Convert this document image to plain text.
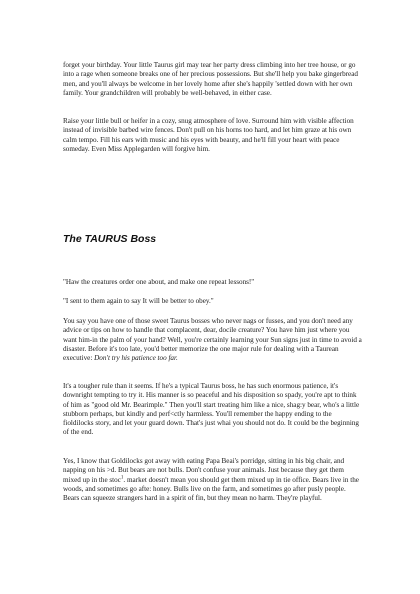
forget your birthday. Your little Taurus girl may tear her party dress climbing into her tree house, or go into a rage when someone breaks one of her precious possessions. But she'll help you bake gingerbread men, and you'll always be welcome in her lovely home after she's happily 'settled down with her own family. Your grandchildren will probably be well-behaved, in either case.

Raise your little bull or heifer in a cozy, snug atmosphere of love. Surround him with visible affection instead of invisible barbed wire fences. Don't pull on his horns too hard, and let him graze at his own calm tempo. Fill his ears with music and his eyes with beauty, and he'll fill your heart with peace someday. Even Miss Applegarden will forgive him.

The TAURUS Boss

"Haw the creatures order one about, and make one repeat lessons!"

"I sent to them again to say It will be better to obey."

You say you have one of those sweet Taurus bosses who never nags or fusses, and you don't need any advice or tips on how to handle that complacent, dear, docile creature? You have him just where you want him-in the palm of your hand? Well, you're certainly learning your Sun signs just in time to avoid a disaster. Before it's too late, you'd better memorize the one major rule for dealing with a Taurean executive: Don't try his patience too far.

It's a tougher rule than it seems. If he's a typical Taurus boss, he has such enormous patience, it's downright tempting to try it. His manner is so peaceful and his disposition so spady, you're apt to think of him as "good old Mr. Bearimple." Then you'll start treating him like a nice, shag:y bear, who's a little stubborn perhaps, but kindly and perf<ctly harmless. You'll remember the happy ending to the fioldilocks story, and let your guard down. That's just whai you should not do. It could be the beginning of the end.

Yes, I know that Goldilocks got away with eating Papa Beai's porridge, sitting in his big chair, and napping on his >d. But bears are not bulls. Don't confuse your animals. Just because they get them mixed up in the stoc$^1$. market doesn't mean you should get them mixed up in tie office. Bears live in the woods, and sometimes go afte: honey. Bulls live on the farm, and sometimes go after pusly people. Bears can squeeze strangers hard in a spirit of fin, but they mean no harm. They're playful.
